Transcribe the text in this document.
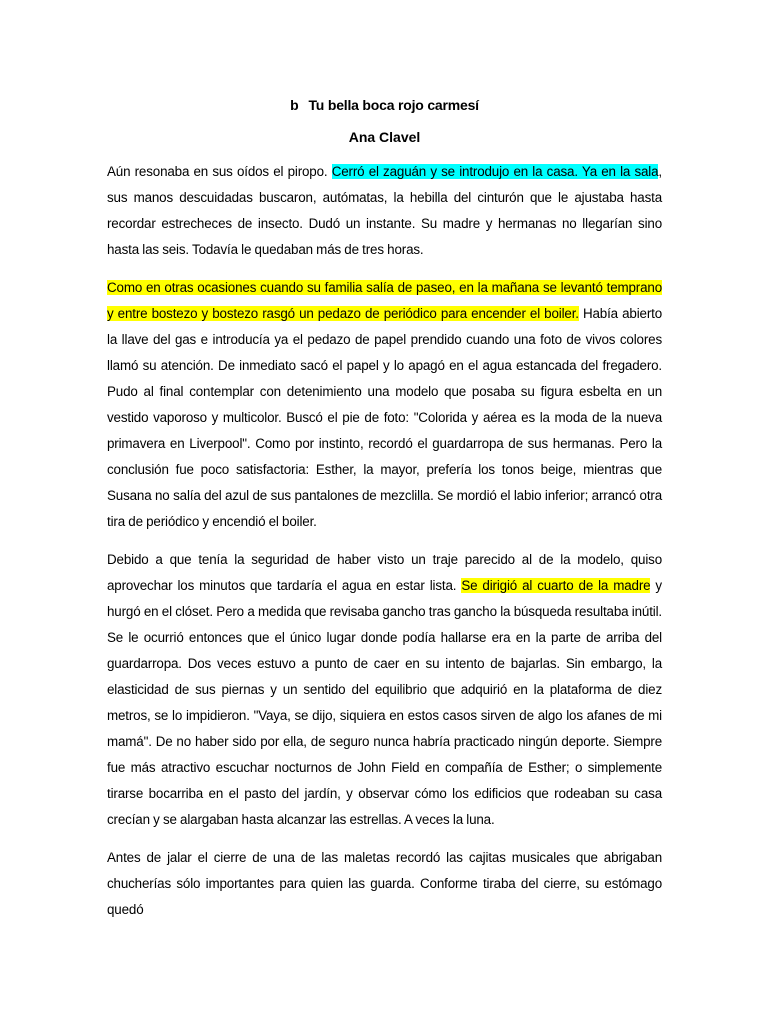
b Tu bella boca rojo carmesí

Ana Clavel

Aún resonaba en sus oídos el piropo. Cerró el zaguán y se introdujo en la casa. Ya en la sala, sus manos descuidadas buscaron, autómatas, la hebilla del cinturón que le ajustaba hasta recordar estrecheces de insecto. Dudó un instante. Su madre y hermanas no llegarían sino hasta las seis. Todavía le quedaban más de tres horas.

Como en otras ocasiones cuando su familia salía de paseo, en la mañana se levantó temprano y entre bostezo y bostezo rasgó un pedazo de periódico para encender el boiler. Había abierto la llave del gas e introducía ya el pedazo de papel prendido cuando una foto de vivos colores llamó su atención. De inmediato sacó el papel y lo apagó en el agua estancada del fregadero. Pudo al final contemplar con detenimiento una modelo que posaba su figura esbelta en un vestido vaporoso y multicolor. Buscó el pie de foto: "Colorida y aérea es la moda de la nueva primavera en Liverpool". Como por instinto, recordó el guardarropa de sus hermanas. Pero la conclusión fue poco satisfactoria: Esther, la mayor, prefería los tonos beige, mientras que Susana no salía del azul de sus pantalones de mezclilla. Se mordió el labio inferior; arrancó otra tira de periódico y encendió el boiler.

Debido a que tenía la seguridad de haber visto un traje parecido al de la modelo, quiso aprovechar los minutos que tardaría el agua en estar lista. Se dirigió al cuarto de la madre y hurgó en el clóset. Pero a medida que revisaba gancho tras gancho la búsqueda resultaba inútil. Se le ocurrió entonces que el único lugar donde podía hallarse era en la parte de arriba del guardarropa. Dos veces estuvo a punto de caer en su intento de bajarlas. Sin embargo, la elasticidad de sus piernas y un sentido del equilibrio que adquirió en la plataforma de diez metros, se lo impidieron. "Vaya, se dijo, siquiera en estos casos sirven de algo los afanes de mi mamá". De no haber sido por ella, de seguro nunca habría practicado ningún deporte. Siempre fue más atractivo escuchar nocturnos de John Field en compañía de Esther; o simplemente tirarse bocarriba en el pasto del jardín, y observar cómo los edificios que rodeaban su casa crecían y se alargaban hasta alcanzar las estrellas. A veces la luna.

Antes de jalar el cierre de una de las maletas recordó las cajitas musicales que abrigaban chucherías sólo importantes para quien las guarda. Conforme tiraba del cierre, su estómago quedó
